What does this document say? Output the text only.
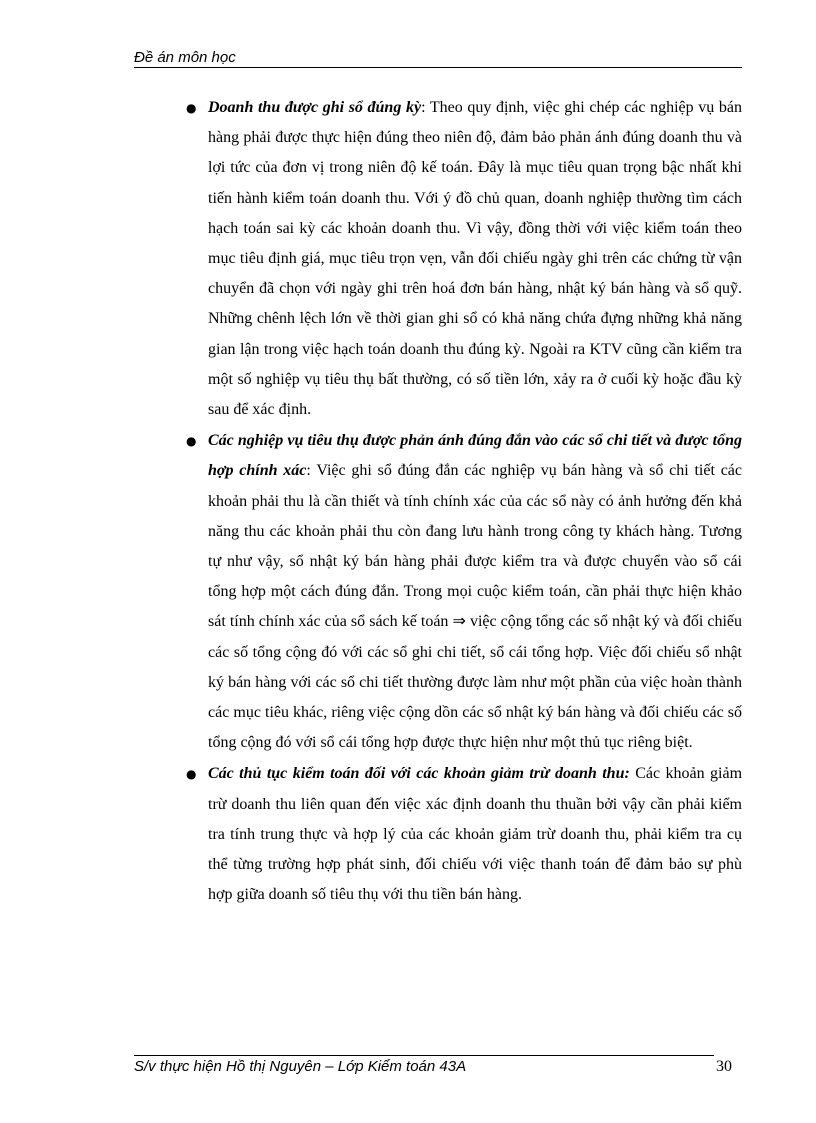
Đề án môn học
● Doanh thu được ghi sổ đúng kỳ: Theo quy định, việc ghi chép các nghiệp vụ bán hàng phải được thực hiện đúng theo niên độ, đảm bảo phản ánh đúng doanh thu và lợi tức của đơn vị trong niên độ kế toán. Đây là mục tiêu quan trọng bậc nhất khi tiến hành kiểm toán doanh thu. Với ý đồ chủ quan, doanh nghiệp thường tìm cách hạch toán sai kỳ các khoản doanh thu. Vì vậy, đồng thời với việc kiểm toán theo mục tiêu định giá, mục tiêu trọn vẹn, vẫn đối chiếu ngày ghi trên các chứng từ vận chuyển đã chọn với ngày ghi trên hoá đơn bán hàng, nhật ký bán hàng và sổ quỹ. Những chênh lệch lớn về thời gian ghi sổ có khả năng chứa đựng những khả năng gian lận trong việc hạch toán doanh thu đúng kỳ. Ngoài ra KTV cũng cần kiểm tra một số nghiệp vụ tiêu thụ bất thường, có số tiền lớn, xảy ra ở cuối kỳ hoặc đầu kỳ sau để xác định.

● Các nghiệp vụ tiêu thụ được phản ánh đúng đắn vào các sổ chi tiết và được tổng hợp chính xác: Việc ghi sổ đúng đắn các nghiệp vụ bán hàng và sổ chi tiết các khoản phải thu là cần thiết và tính chính xác của các sổ này có ảnh hưởng đến khả năng thu các khoản phải thu còn đang lưu hành trong công ty khách hàng. Tương tự như vậy, sổ nhật ký bán hàng phải được kiểm tra và được chuyển vào sổ cái tổng hợp một cách đúng đắn. Trong mọi cuộc kiểm toán, cần phải thực hiện khảo sát tính chính xác của sổ sách kế toán ⇒ việc cộng tổng các sổ nhật ký và đối chiếu các số tổng cộng đó với các sổ ghi chi tiết, sổ cái tổng hợp. Việc đối chiếu sổ nhật ký bán hàng với các sổ chi tiết thường được làm như một phần của việc hoàn thành các mục tiêu khác, riêng việc cộng dồn các sổ nhật ký bán hàng và đối chiếu các số tổng cộng đó với sổ cái tổng hợp được thực hiện như một thủ tục riêng biệt.

● Các thủ tục kiểm toán đối với các khoản giảm trừ doanh thu: Các khoản giảm trừ doanh thu liên quan đến việc xác định doanh thu thuần bởi vậy cần phải kiểm tra tính trung thực và hợp lý của các khoản giảm trừ doanh thu, phải kiểm tra cụ thể từng trường hợp phát sinh, đối chiếu với việc thanh toán để đảm bảo sự phù hợp giữa doanh số tiêu thụ với thu tiền bán hàng.

S/v thực hiện Hồ thị Nguyên – Lớp Kiểm toán 43A	30
